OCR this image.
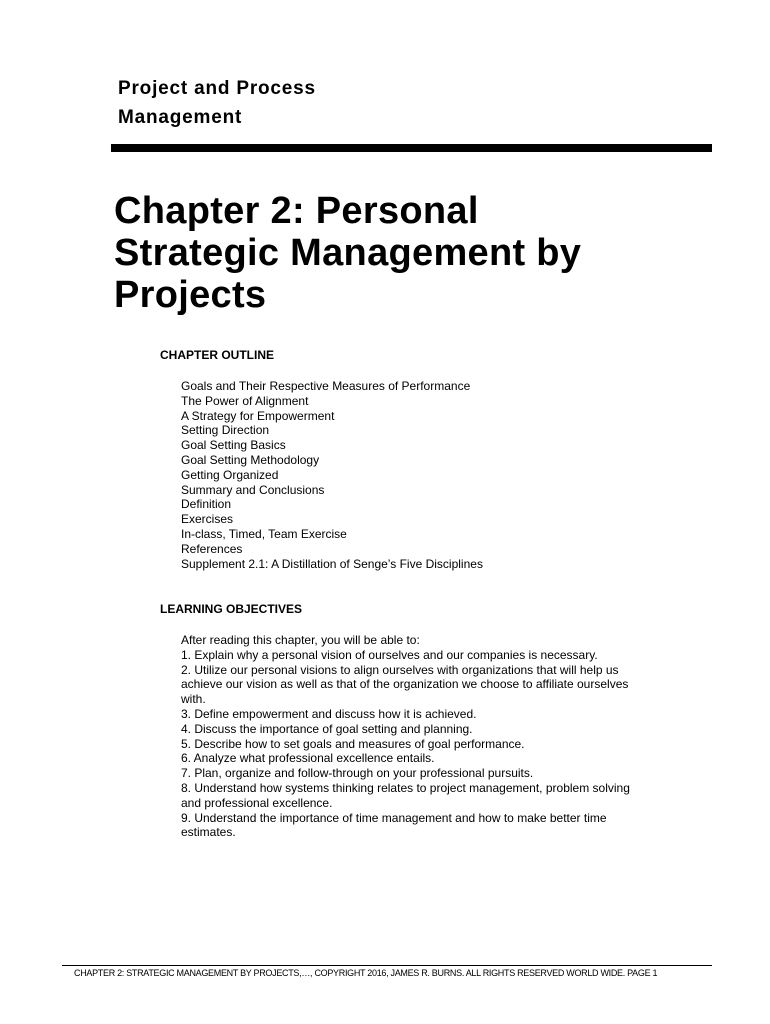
Project and Process
Management
Chapter 2: Personal
Strategic Management by
Projects
CHAPTER OUTLINE
Goals and Their Respective Measures of Performance
The Power of Alignment
A Strategy for Empowerment
Setting Direction
Goal Setting Basics
Goal Setting Methodology
Getting Organized
Summary and Conclusions
Definition
Exercises
In-class, Timed, Team Exercise
References
Supplement 2.1: A Distillation of Senge’s Five Disciplines
LEARNING OBJECTIVES
After reading this chapter, you will be able to:
1. Explain why a personal vision of ourselves and our companies is necessary.
2. Utilize our personal visions to align ourselves with organizations that will help us
achieve our vision as well as that of the organization we choose to affiliate ourselves
with.
3. Define empowerment and discuss how it is achieved.
4. Discuss the importance of goal setting and planning.
5. Describe how to set goals and measures of goal performance.
6. Analyze what professional excellence entails.
7. Plan, organize and follow-through on your professional pursuits.
8. Understand how systems thinking relates to project management, problem solving
and professional excellence.
9. Understand the importance of time management and how to make better time
estimates.
CHAPTER 2: STRATEGIC MANAGEMENT BY PROJECTS,…, COPYRIGHT 2016, JAMES R. BURNS. ALL RIGHTS RESERVED WORLD WIDE. PAGE 1
